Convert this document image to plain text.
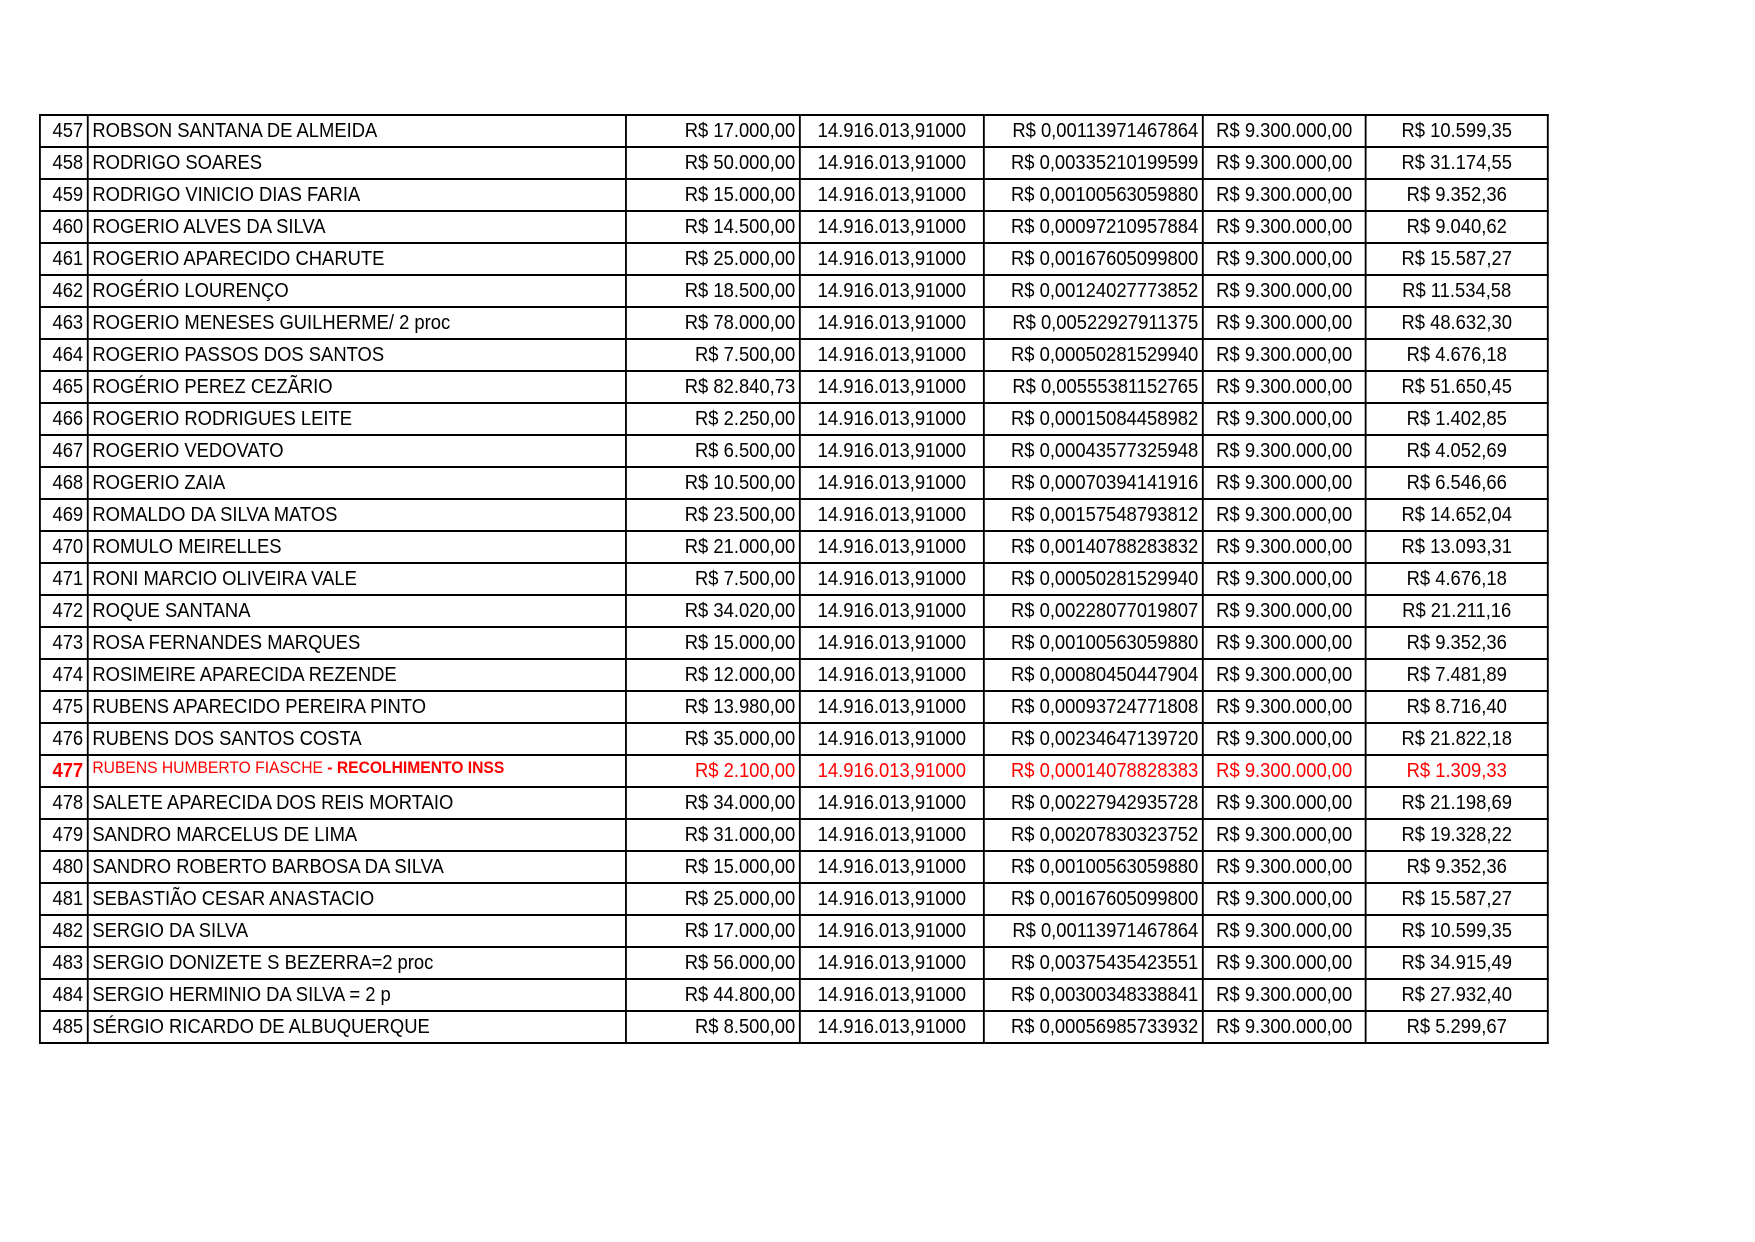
457	ROBSON SANTANA DE ALMEIDA	R$ 17.000,00	14.916.013,91000	R$ 0,00113971467864	R$ 9.300.000,00	R$ 10.599,35
458	RODRIGO SOARES	R$ 50.000,00	14.916.013,91000	R$ 0,00335210199599	R$ 9.300.000,00	R$ 31.174,55
459	RODRIGO VINICIO DIAS FARIA	R$ 15.000,00	14.916.013,91000	R$ 0,00100563059880	R$ 9.300.000,00	R$ 9.352,36
460	ROGERIO ALVES DA SILVA	R$ 14.500,00	14.916.013,91000	R$ 0,00097210957884	R$ 9.300.000,00	R$ 9.040,62
461	ROGERIO APARECIDO CHARUTE	R$ 25.000,00	14.916.013,91000	R$ 0,00167605099800	R$ 9.300.000,00	R$ 15.587,27
462	ROGÉRIO LOURENÇO	R$ 18.500,00	14.916.013,91000	R$ 0,00124027773852	R$ 9.300.000,00	R$ 11.534,58
463	ROGERIO MENESES GUILHERME/ 2 proc	R$ 78.000,00	14.916.013,91000	R$ 0,00522927911375	R$ 9.300.000,00	R$ 48.632,30
464	ROGERIO PASSOS DOS SANTOS	R$ 7.500,00	14.916.013,91000	R$ 0,00050281529940	R$ 9.300.000,00	R$ 4.676,18
465	ROGÉRIO PEREZ CEZÃRIO	R$ 82.840,73	14.916.013,91000	R$ 0,00555381152765	R$ 9.300.000,00	R$ 51.650,45
466	ROGERIO RODRIGUES LEITE	R$ 2.250,00	14.916.013,91000	R$ 0,00015084458982	R$ 9.300.000,00	R$ 1.402,85
467	ROGERIO VEDOVATO	R$ 6.500,00	14.916.013,91000	R$ 0,00043577325948	R$ 9.300.000,00	R$ 4.052,69
468	ROGERIO ZAIA	R$ 10.500,00	14.916.013,91000	R$ 0,00070394141916	R$ 9.300.000,00	R$ 6.546,66
469	ROMALDO DA SILVA MATOS	R$ 23.500,00	14.916.013,91000	R$ 0,00157548793812	R$ 9.300.000,00	R$ 14.652,04
470	ROMULO MEIRELLES	R$ 21.000,00	14.916.013,91000	R$ 0,00140788283832	R$ 9.300.000,00	R$ 13.093,31
471	RONI MARCIO OLIVEIRA VALE	R$ 7.500,00	14.916.013,91000	R$ 0,00050281529940	R$ 9.300.000,00	R$ 4.676,18
472	ROQUE SANTANA	R$ 34.020,00	14.916.013,91000	R$ 0,00228077019807	R$ 9.300.000,00	R$ 21.211,16
473	ROSA FERNANDES MARQUES	R$ 15.000,00	14.916.013,91000	R$ 0,00100563059880	R$ 9.300.000,00	R$ 9.352,36
474	ROSIMEIRE APARECIDA REZENDE	R$ 12.000,00	14.916.013,91000	R$ 0,00080450447904	R$ 9.300.000,00	R$ 7.481,89
475	RUBENS APARECIDO PEREIRA PINTO	R$ 13.980,00	14.916.013,91000	R$ 0,00093724771808	R$ 9.300.000,00	R$ 8.716,40
476	RUBENS DOS SANTOS COSTA	R$ 35.000,00	14.916.013,91000	R$ 0,00234647139720	R$ 9.300.000,00	R$ 21.822,18
477	RUBENS HUMBERTO FIASCHE - RECOLHIMENTO INSS	R$ 2.100,00	14.916.013,91000	R$ 0,00014078828383	R$ 9.300.000,00	R$ 1.309,33
478	SALETE APARECIDA DOS REIS MORTAIO	R$ 34.000,00	14.916.013,91000	R$ 0,00227942935728	R$ 9.300.000,00	R$ 21.198,69
479	SANDRO MARCELUS DE LIMA	R$ 31.000,00	14.916.013,91000	R$ 0,00207830323752	R$ 9.300.000,00	R$ 19.328,22
480	SANDRO ROBERTO BARBOSA DA SILVA	R$ 15.000,00	14.916.013,91000	R$ 0,00100563059880	R$ 9.300.000,00	R$ 9.352,36
481	SEBASTIÃO CESAR ANASTACIO	R$ 25.000,00	14.916.013,91000	R$ 0,00167605099800	R$ 9.300.000,00	R$ 15.587,27
482	SERGIO DA SILVA	R$ 17.000,00	14.916.013,91000	R$ 0,00113971467864	R$ 9.300.000,00	R$ 10.599,35
483	SERGIO DONIZETE S BEZERRA=2 proc	R$ 56.000,00	14.916.013,91000	R$ 0,00375435423551	R$ 9.300.000,00	R$ 34.915,49
484	SERGIO HERMINIO DA SILVA = 2 p	R$ 44.800,00	14.916.013,91000	R$ 0,00300348338841	R$ 9.300.000,00	R$ 27.932,40
485	SÉRGIO RICARDO DE ALBUQUERQUE	R$ 8.500,00	14.916.013,91000	R$ 0,00056985733932	R$ 9.300.000,00	R$ 5.299,67
